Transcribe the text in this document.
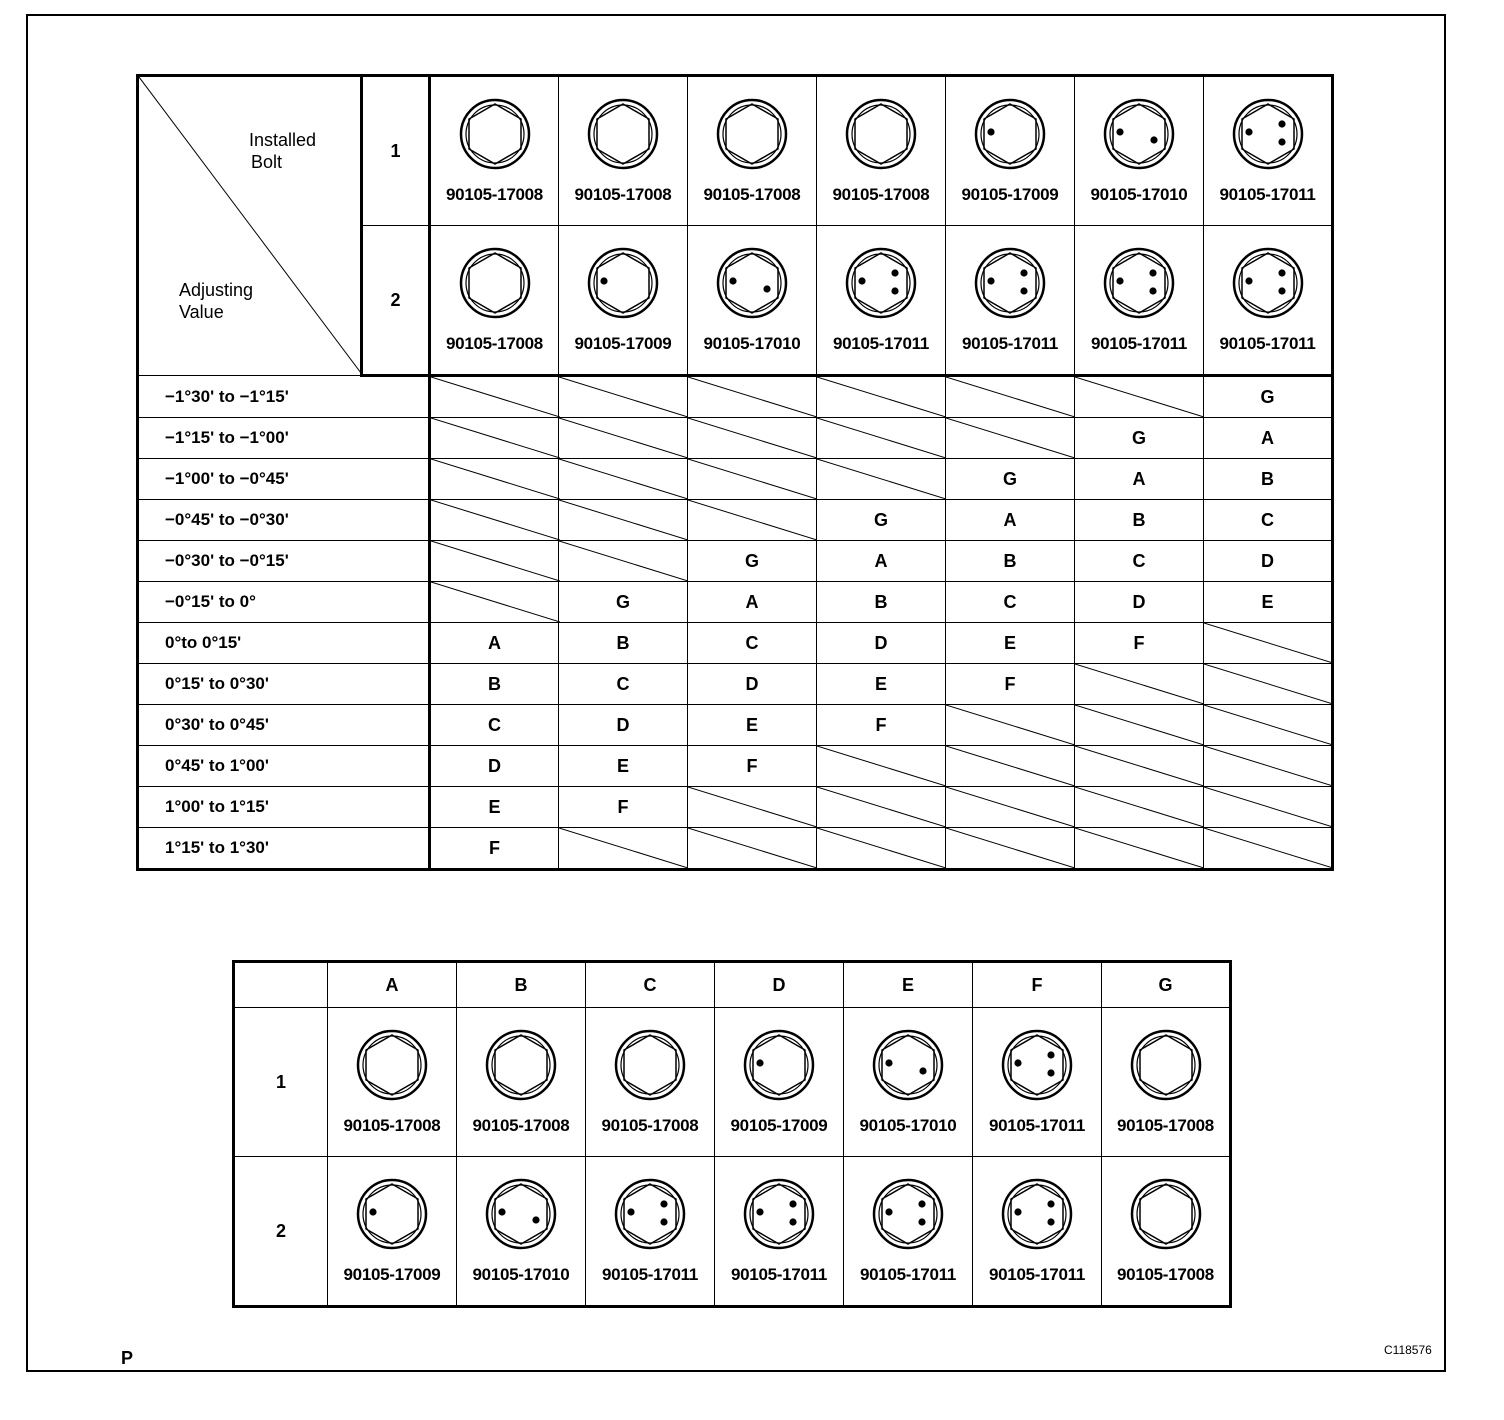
Installed
Bolt
Adjusting
Value	1	90105-17008	90105-17008	90105-17008	90105-17008	90105-17009	90105-17010	90105-17011

	2	90105-17008	90105-17009	90105-17010	90105-17011	90105-17011	90105-17011	90105-17011

−1°30' to −1°15'								G
−1°15' to −1°00'							G	A
−1°00' to −0°45'						G	A	B
−0°45' to −0°30'					G	A	B	C
−0°30' to −0°15'				G	A	B	C	D
−0°15' to 0°			G	A	B	C	D	E
0°to 0°15'		A	B	C	D	E	F	

0°15' to 0°30'		B	C	D	E	F	

0°30' to 0°45'		C	D	E	F	

0°45' to 1°00'		D	E	F	

1°00' to 1°15'		E	F	

1°15' to 1°30'		F	

	A	B	C	D	E	F	G
1	90105-17008	90105-17008	90105-17008	90105-17009	90105-17010	90105-17011	90105-17008

2	90105-17009	90105-17010	90105-17011	90105-17011	90105-17011	90105-17011	90105-17008
P	C118576
